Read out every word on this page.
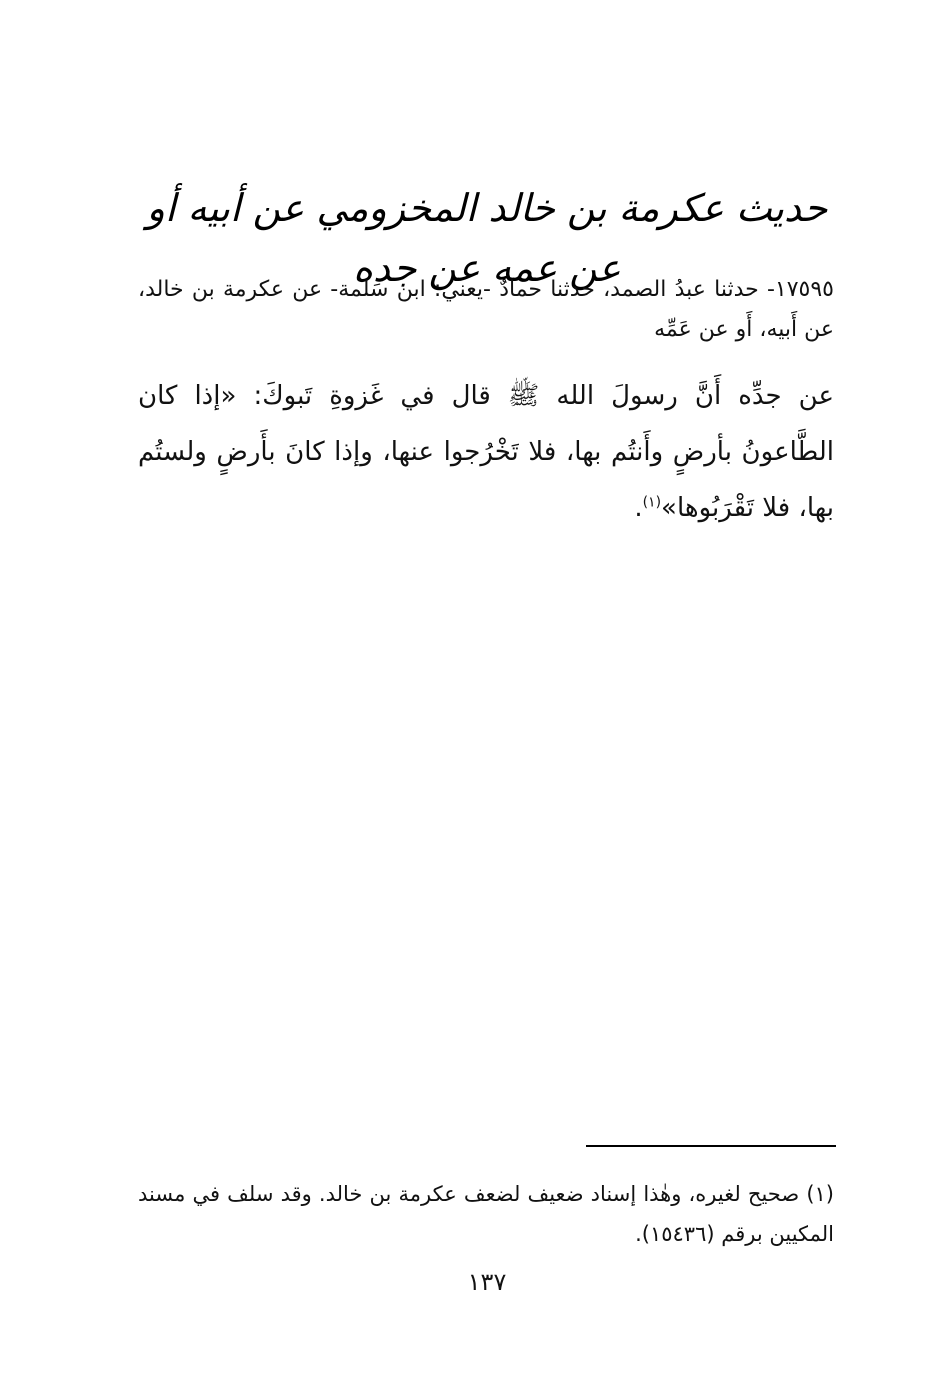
حديث عكرمة بن خالد المخزومي عن أبيه أو عن عمه عن جده

١٧٥٩٥- حدثنا عبدُ الصمد، حدثنا حمادٌ -يعني: ابن سَلمة- عن عكرمة بن خالد، عن أَبيه، أَو عن عَمِّه

عن جدِّه أَنَّ رسولَ الله ﷺ قال في غَزوةِ تَبوكَ: «إذا كان الطَّاعونُ بأرضٍ وأَنتُم بها، فلا تَخْرُجوا عنها، وإذا كانَ بأَرضٍ ولستُم بها، فلا تَقْرَبُوها»$^{(١)}$.

(١) صحيح لغيره، وهٰذا إسناد ضعيف لضعف عكرمة بن خالد. وقد سلف في مسند المكيين برقم (١٥٤٣٦).

١٣٧
